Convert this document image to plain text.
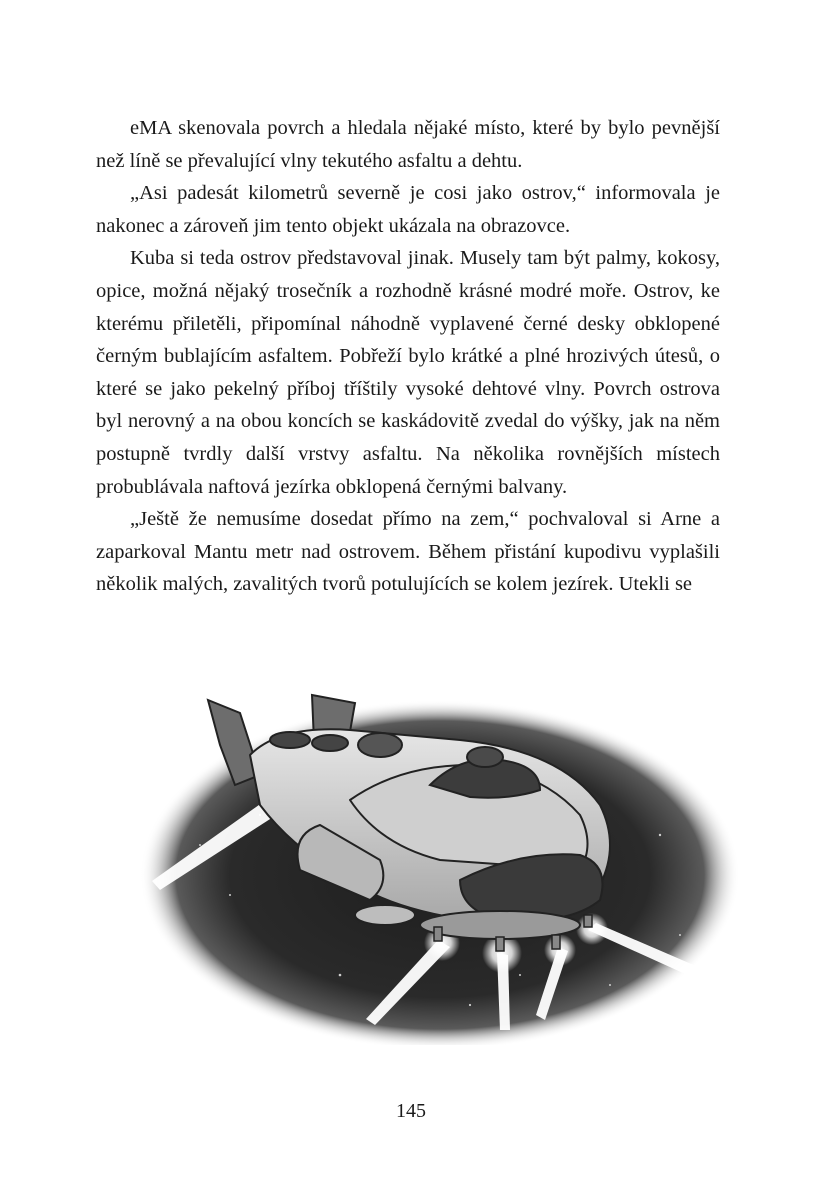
eMA skenovala povrch a hledala nějaké místo, které by bylo pevnější než líně se převalující vlny tekutého asfaltu a dehtu.

„Asi padesát kilometrů severně je cosi jako ostrov,“ informovala je nakonec a zároveň jim tento objekt ukázala na obrazovce.

Kuba si teda ostrov představoval jinak. Musely tam být palmy, kokosy, opice, možná nějaký trosečník a rozhodně krásné modré moře. Ostrov, ke kterému přiletěli, připomínal náhodně vyplavené černé desky obklopené černým bublajícím asfaltem. Pobřeží bylo krátké a plné hrozivých útesů, o které se jako pekelný příboj tříštily vysoké dehtové vlny. Povrch ostrova byl nerovný a na obou koncích se kaskádovitě zvedal do výšky, jak na něm postupně tvrdly další vrstvy asfaltu. Na několika rovnějších místech probublávala naftová jezírka obklopená černými balvany.

„Ještě že nemusíme dosedat přímo na zem,“ pochvaloval si Arne a zaparkoval Mantu metr nad ostrovem. Během přistání kupodivu vyplašili několik malých, zavalitých tvorů potulujících se kolem jezírek. Utekli se

145
